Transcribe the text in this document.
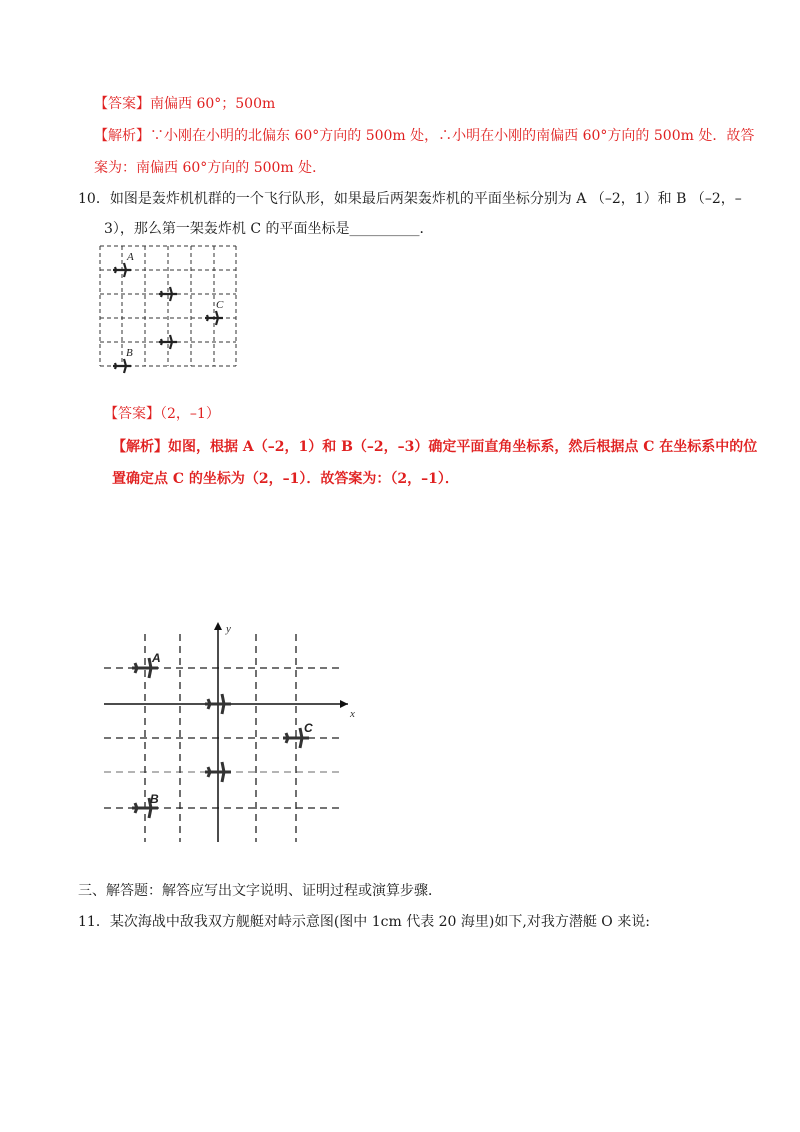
【答案】南偏西 60°；500m
【解析】∵小刚在小明的北偏东 60°方向的 500m 处，∴小明在小刚的南偏西 60°方向的 500m 处．故答
案为：南偏西 60°方向的 500m 处．
10．如图是轰炸机机群的一个飞行队形，如果最后两架轰炸机的平面坐标分别为 A （–2，1）和 B （–2，–
3），那么第一架轰炸机 C 的平面坐标是__________．
A
C
B
【答案】（2，–1）
【解析】如图，根据 A（–2，1）和 B（–2，–3）确定平面直角坐标系，然后根据点 C 在坐标系中的位
置确定点 C 的坐标为（2，–1）．故答案为：（2，–1）．
x
y
A
C
B
三、解答题：解答应写出文字说明、证明过程或演算步骤．
11．某次海战中敌我双方舰艇对峙示意图(图中 1cm 代表 20 海里)如下,对我方潜艇 O 来说:
